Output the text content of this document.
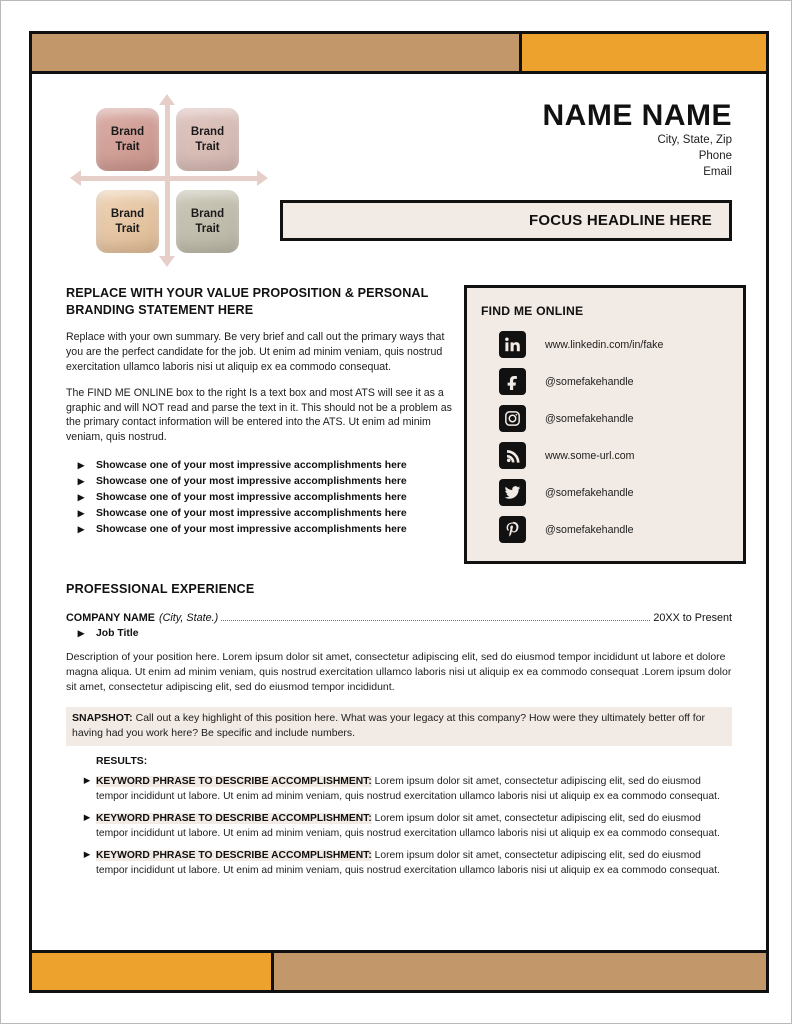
Brand
Trait
Brand
Trait
Brand
Trait
Brand
Trait
NAME NAME
City, State, Zip
Phone
Email
FOCUS HEADLINE HERE
REPLACE WITH YOUR VALUE PROPOSITION & PERSONAL BRANDING STATEMENT HERE
Replace with your own summary. Be very brief and call out the primary ways that you are the perfect candidate for the job. Ut enim ad minim veniam, quis nostrud exercitation ullamco laboris nisi ut aliquip ex ea commodo consequat.
The FIND ME ONLINE box to the right Is a text box and most ATS will see it as a graphic and will NOT read and parse the text in it. This should not be a problem as the primary contact information will be entered into the ATS. Ut enim ad minim veniam, quis nostrud.
▶	Showcase one of your most impressive accomplishments here
▶	Showcase one of your most impressive accomplishments here
▶	Showcase one of your most impressive accomplishments here
▶	Showcase one of your most impressive accomplishments here
▶	Showcase one of your most impressive accomplishments here
FIND ME ONLINE
www.linkedin.com/in/fake
@somefakehandle
@somefakehandle
www.some-url.com
@somefakehandle
@somefakehandle
PROFESSIONAL EXPERIENCE
COMPANY NAME (City, State.)	20XX to Present
▶	Job Title
Description of your position here. Lorem ipsum dolor sit amet, consectetur adipiscing elit, sed do eiusmod tempor incididunt ut labore et dolore magna aliqua. Ut enim ad minim veniam, quis nostrud exercitation ullamco laboris nisi ut aliquip ex ea commodo consequat .Lorem ipsum dolor sit amet, consectetur adipiscing elit, sed do eiusmod tempor incididunt.
SNAPSHOT: Call out a key highlight of this position here. What was your legacy at this company? How were they ultimately better off for having had you work here? Be specific and include numbers.
RESULTS:
▶ KEYWORD PHRASE TO DESCRIBE ACCOMPLISHMENT: Lorem ipsum dolor sit amet, consectetur adipiscing elit, sed do eiusmod tempor incididunt ut labore. Ut enim ad minim veniam, quis nostrud exercitation ullamco laboris nisi ut aliquip ex ea commodo consequat.
▶ KEYWORD PHRASE TO DESCRIBE ACCOMPLISHMENT: Lorem ipsum dolor sit amet, consectetur adipiscing elit, sed do eiusmod tempor incididunt ut labore. Ut enim ad minim veniam, quis nostrud exercitation ullamco laboris nisi ut aliquip ex ea commodo consequat.
▶ KEYWORD PHRASE TO DESCRIBE ACCOMPLISHMENT: Lorem ipsum dolor sit amet, consectetur adipiscing elit, sed do eiusmod tempor incididunt ut labore. Ut enim ad minim veniam, quis nostrud exercitation ullamco laboris nisi ut aliquip ex ea commodo consequat.
